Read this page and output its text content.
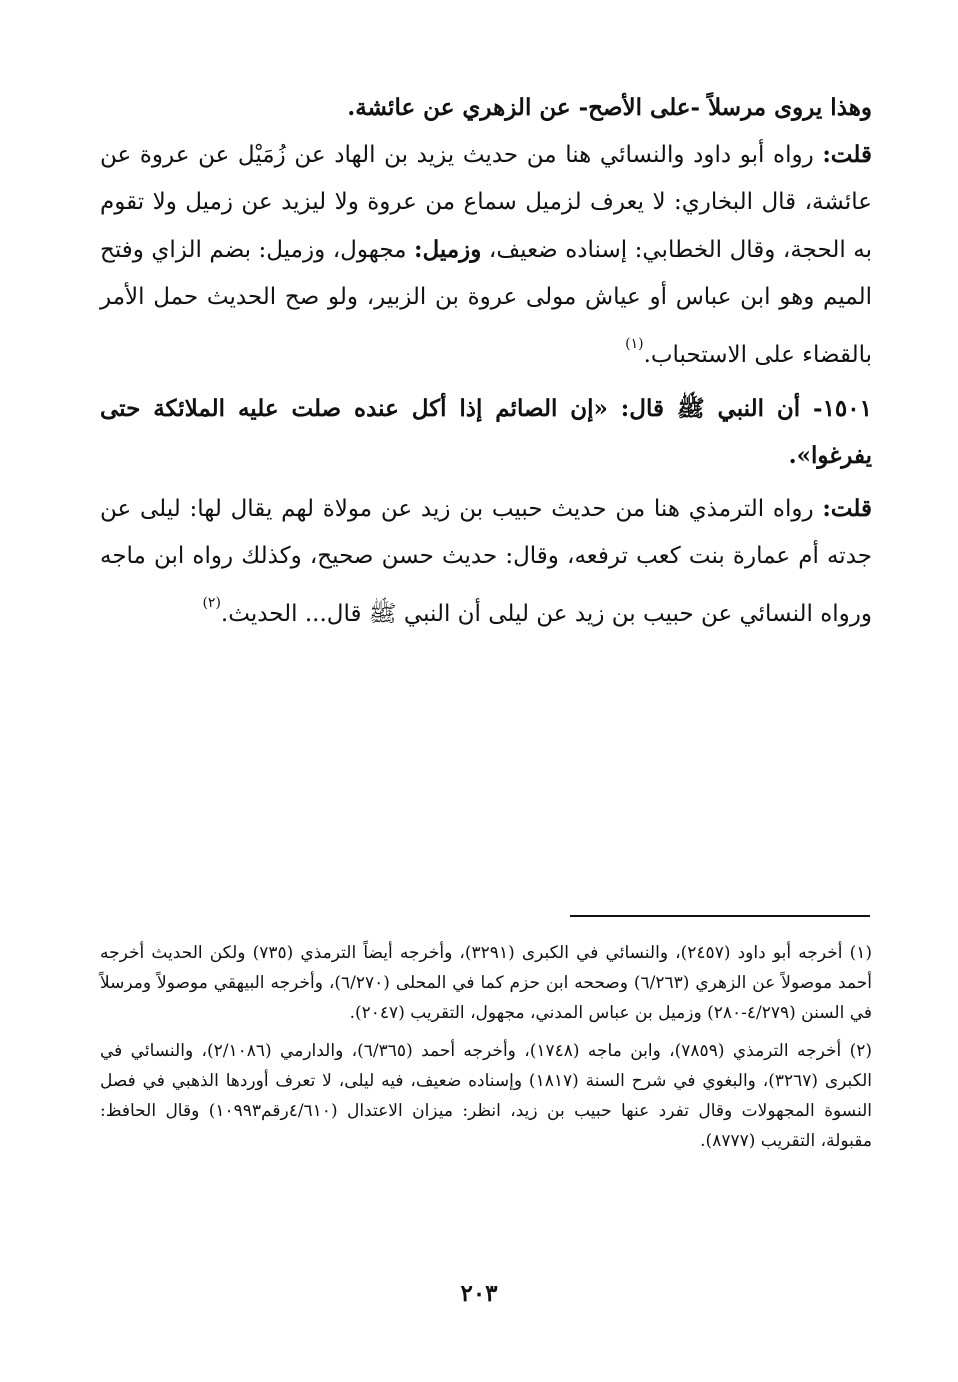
وهذا يروى مرسلاً -على الأصح- عن الزهري عن عائشة.

قلت: رواه أبو داود والنسائي هنا من حديث يزيد بن الهاد عن زُمَيْل عن عروة عن عائشة، قال البخاري: لا يعرف لزميل سماع من عروة ولا ليزيد عن زميل ولا تقوم به الحجة، وقال الخطابي: إسناده ضعيف، وزميل: مجهول، وزميل: بضم الزاي وفتح الميم وهو ابن عباس أو عياش مولى عروة بن الزبير، ولو صح الحديث حمل الأمر بالقضاء على الاستحباب.$^{(١)}$

١٥٠١- أن النبي ﷺ قال: «إن الصائم إذا أكل عنده صلت عليه الملائكة حتى يفرغوا».

قلت: رواه الترمذي هنا من حديث حبيب بن زيد عن مولاة لهم يقال لها: ليلى عن جدته أم عمارة بنت كعب ترفعه، وقال: حديث حسن صحيح، وكذلك رواه ابن ماجه ورواه النسائي عن حبيب بن زيد عن ليلى أن النبي ﷺ قال... الحديث.$^{(٢)}$

(١) أخرجه أبو داود (٢٤٥٧)، والنسائي في الكبرى (٣٢٩١)، وأخرجه أيضاً الترمذي (٧٣٥) ولكن الحديث أخرجه أحمد موصولاً عن الزهري (٦/٢٦٣) وصححه ابن حزم كما في المحلى (٦/٢٧٠)، وأخرجه البيهقي موصولاً ومرسلاً في السنن (٤/٢٧٩-٢٨٠) وزميل بن عباس المدني، مجهول، التقريب (٢٠٤٧).

(٢) أخرجه الترمذي (٧٨٥٩)، وابن ماجه (١٧٤٨)، وأخرجه أحمد (٦/٣٦٥)، والدارمي (٢/١٠٨٦)، والنسائي في الكبرى (٣٢٦٧)، والبغوي في شرح السنة (١٨١٧) وإسناده ضعيف، فيه ليلى، لا تعرف أوردها الذهبي في فصل النسوة المجهولات وقال تفرد عنها حبيب بن زيد، انظر: ميزان الاعتدال (٤/٦١٠رقم١٠٩٩٣) وقال الحافظ: مقبولة، التقريب (٨٧٧٧).

٢٠٣
